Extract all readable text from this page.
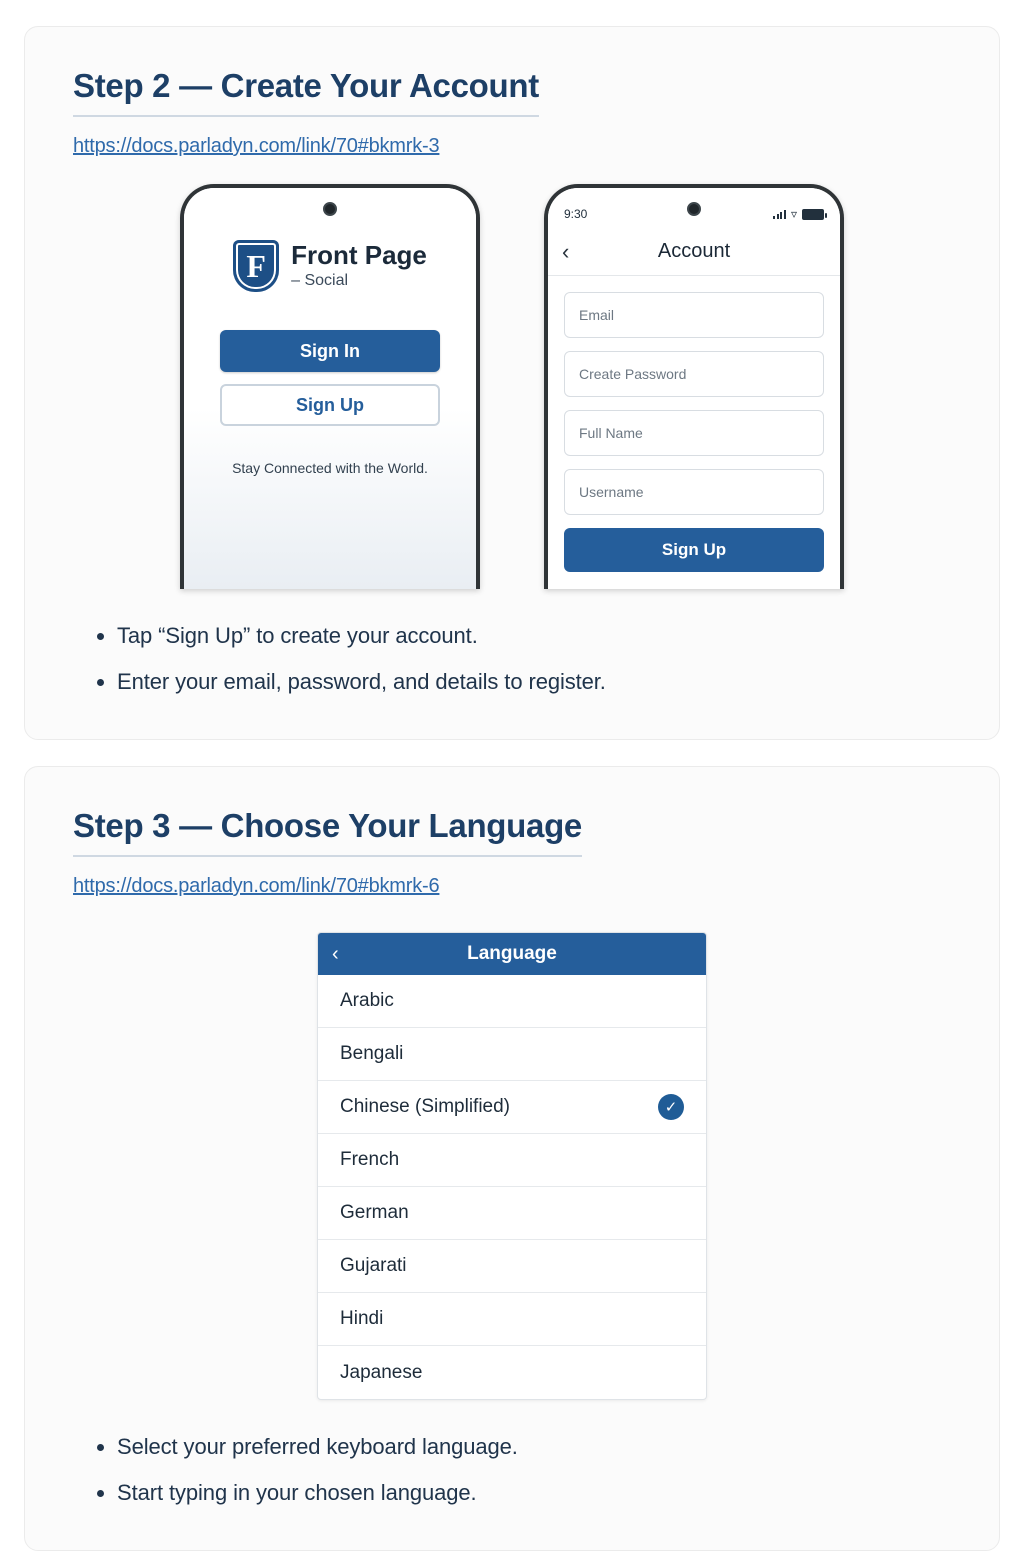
Step 2 — Create Your Account
https://docs.parladyn.com/link/70#bkmrk-3
F Front Page
– Social
Sign In
Sign Up
Stay Connected with the World.
9:30	▿
‹	Account
Email
Create Password
Full Name
Username
Sign Up
• Tap “Sign Up” to create your account.
• Enter your email, password, and details to register.
Step 3 — Choose Your Language
https://docs.parladyn.com/link/70#bkmrk-6
‹	Language
Arabic
Bengali
Chinese (Simplified)	✓
French
German
Gujarati
Hindi
Japanese
• Select your preferred keyboard language.
• Start typing in your chosen language.
